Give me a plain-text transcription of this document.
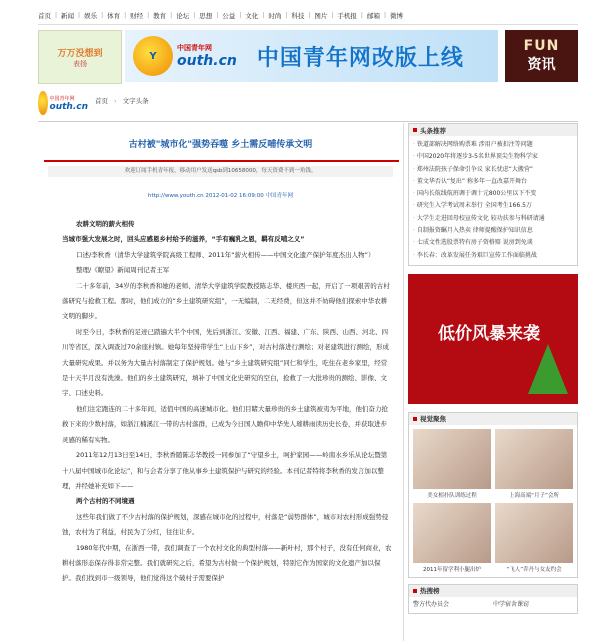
首页 | 新闻 | 娱乐 | 体育 | 财经 | 教育 | 论坛 | 思想 | 公益 | 文化 | 时尚 | 科技 | 图片 | 手机报 | 邮箱 | 微博
万万没想到
表扬
Y
中国青年网
outh.cn 中国青年网改版上线	FUN
资讯
中国青年网
outh.cn
首页 › 文字头条
古村被"城市化"强势吞噬 乡土需反哺传承文明
欢迎订阅手机青年报，移动用户发送qsb到10658000，每天资费不到一角钱。
http://www.youth.cn 2012-01-02 16:09:00 中国青年网

农耕文明的薪火相传

当城市强大发展之时，回头应感恩乡村给予的滋养，“手有巍乳之恩，羁有反哺之义”

口述/李秋香（清华大学建筑学院高级工程师、2011年“薪火相传——中国文化遗产保护年度杰出人物”）

整理/《瞭望》新闻周刊记者王军

二十多年前，34岁的李秋香和她的老师、清华大学建筑学院教授陈志华、楼庆西一起，开启了一项艰苦的古村落研究与抢救工程。那时，他们成立的“乡土建筑研究组”，一无编制，二无经费，但这并不妨碍他们探索中华农耕文明的脚步。

时至今日，李秋香的足迹已踏遍大半个中国，先后到浙江、安徽、江西、福建、广东、陕西、山西、河北、四川等省区，深入调查过70余座村镇。她每年坚持带学生“上山下乡”，对古村落进行测绘；对老建筑进行测绘，形成大量研究成果。并以务为大量古村落制定了保护规划。她与“乡土建筑研究组”同仁和学生，吃住在老乡家里，经常是十天半月没有洗澡。他们的乡土建筑研究，填补了中国文化史研究的空白，抢救了一大批珍贵的测绘、影像、文字、口述史料。

他们注定跑连的二十多年间，适值中国的高速城市化。他们目睹大量珍贵的乡土建筑被夷为平地，他们奋力抢救下来的少数村落，如浙江楠溪江一带的古村落群，已成为今日国人瞻仰中华先人璀耕雨读历史长卷，并获取进步灵感的稀有实物。

2011年12月13日至14日，李秋香随陈志华教授一同参加了“守望乡土，呵护家园——岭南水乡乐从论坛暨第十八届中国城市化论坛”，和与会者分享了他从事乡土建筑保护与研究的经验。本刊记者特将李秋香的发言加以整理，并经她补充如下——

两个古村的不同境遇

这些年我们做了不少古村落的保护规划，深感在城市化的过程中，村落是“弱势群体”，城市对农村形成强势侵蚀，农村为了利益，村民为了分红，往往让步。

1980年代中期，在浙西一带，我们调查了一个农村文化的典型村落——新叶村，那个村子，没有任何商业，农耕村落形态保存得非常完整。我们就研究之后，希望为古村做一个保护规划，特别它作为国家的文化遗产加以保护。我们找到市一级领导，他们觉得这个破村子需要保护

头条推荐
· 铁道部解决网络购票难 涉用户被扣注等问题
· 中国2020年将逐步3-5名世界顶尖生物科学家
· 郑州法院孩子保命引争议 家长忧虑“大搬营”
· 董文华否认“复出” 称多年一直改嘉开舞台
· 国内长航线航班调于调十元800公里以下不变
· 研究生入学考试周末举行 全国考生166.5万
· 大学生走进回母校宣传文化 较功扶参与科研请通
· 自制报资瞩月入热卖 律师提醒保护知识信息
· 七成文性选股票特有房子资格赔 说房到免谈
· 李长春：改革发展任务艰巨宣传工作面临挑战
低价风暴来袭
视觉聚焦
美女相扑队训练过程	上海高端“月子”会所
2011年留学利小腿出炉	“飞人”乔丹与女友约会
热搜榜
警方代办员会	中学宿舍课窃
